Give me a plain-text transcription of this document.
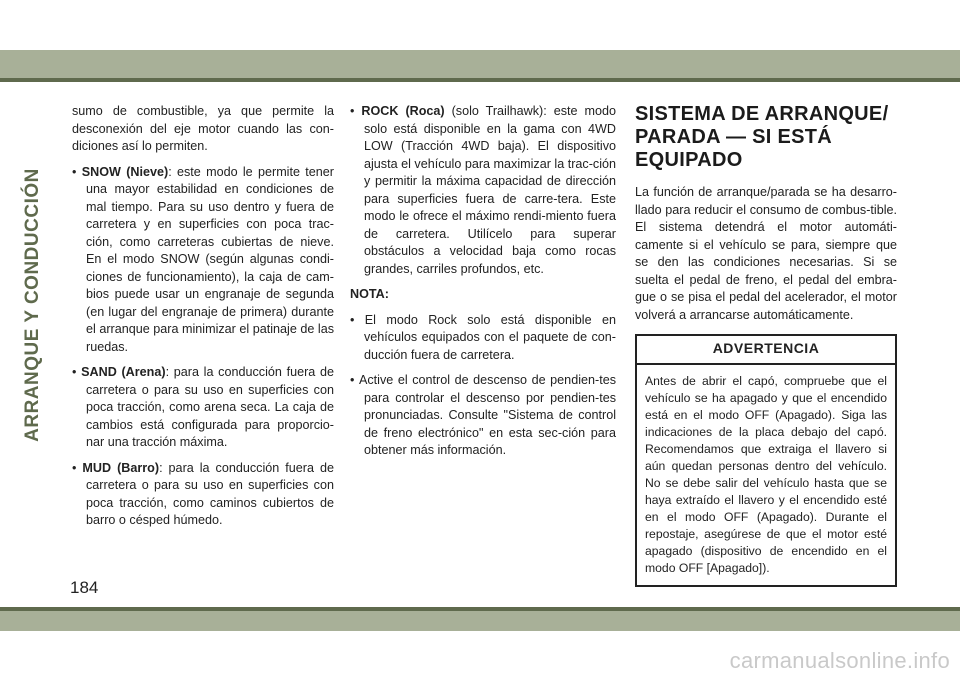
ARRANQUE Y CONDUCCIÓN

sumo de combustible, ya que permite la desconexión del eje motor cuando las con-diciones así lo permiten.

• SNOW (Nieve): este modo le permite tener una mayor estabilidad en condiciones de mal tiempo. Para su uso dentro y fuera de carretera y en superficies con poca trac-ción, como carreteras cubiertas de nieve. En el modo SNOW (según algunas condi-ciones de funcionamiento), la caja de cam-bios puede usar un engranaje de segunda (en lugar del engranaje de primera) durante el arranque para minimizar el patinaje de las ruedas.

• SAND (Arena): para la conducción fuera de carretera o para su uso en superficies con poca tracción, como arena seca. La caja de cambios está configurada para proporcio-nar una tracción máxima.

• MUD (Barro): para la conducción fuera de carretera o para su uso en superficies con poca tracción, como caminos cubiertos de barro o césped húmedo.

• ROCK (Roca) (solo Trailhawk): este modo solo está disponible en la gama con 4WD LOW (Tracción 4WD baja). El dispositivo ajusta el vehículo para maximizar la trac-ción y permitir la máxima capacidad de dirección para superficies fuera de carre-tera. Este modo le ofrece el máximo rendi-miento fuera de carretera. Utilícelo para superar obstáculos a velocidad baja como rocas grandes, carriles profundos, etc.

NOTA:

• El modo Rock solo está disponible en vehículos equipados con el paquete de con-ducción fuera de carretera.

• Active el control de descenso de pendien-tes para controlar el descenso por pendien-tes pronunciadas. Consulte "Sistema de control de freno electrónico" en esta sec-ción para obtener más información.

SISTEMA DE ARRANQUE/ PARADA — SI ESTÁ EQUIPADO

La función de arranque/parada se ha desarro-llado para reducir el consumo de combus-tible. El sistema detendrá el motor automáti-camente si el vehículo se para, siempre que se den las condiciones necesarias. Si se suelta el pedal de freno, el pedal del embra-gue o se pisa el pedal del acelerador, el motor volverá a arrancarse automáticamente.

ADVERTENCIA
Antes de abrir el capó, compruebe que el vehículo se ha apagado y que el encendido está en el modo OFF (Apagado). Siga las indicaciones de la placa debajo del capó. Recomendamos que extraiga el llavero si aún quedan personas dentro del vehículo. No se debe salir del vehículo hasta que se haya extraído el llavero y el encendido esté en el modo OFF (Apagado). Durante el repostaje, asegúrese de que el motor esté apagado (dispositivo de encendido en el modo OFF [Apagado]).
184
carmanualsonline.info
